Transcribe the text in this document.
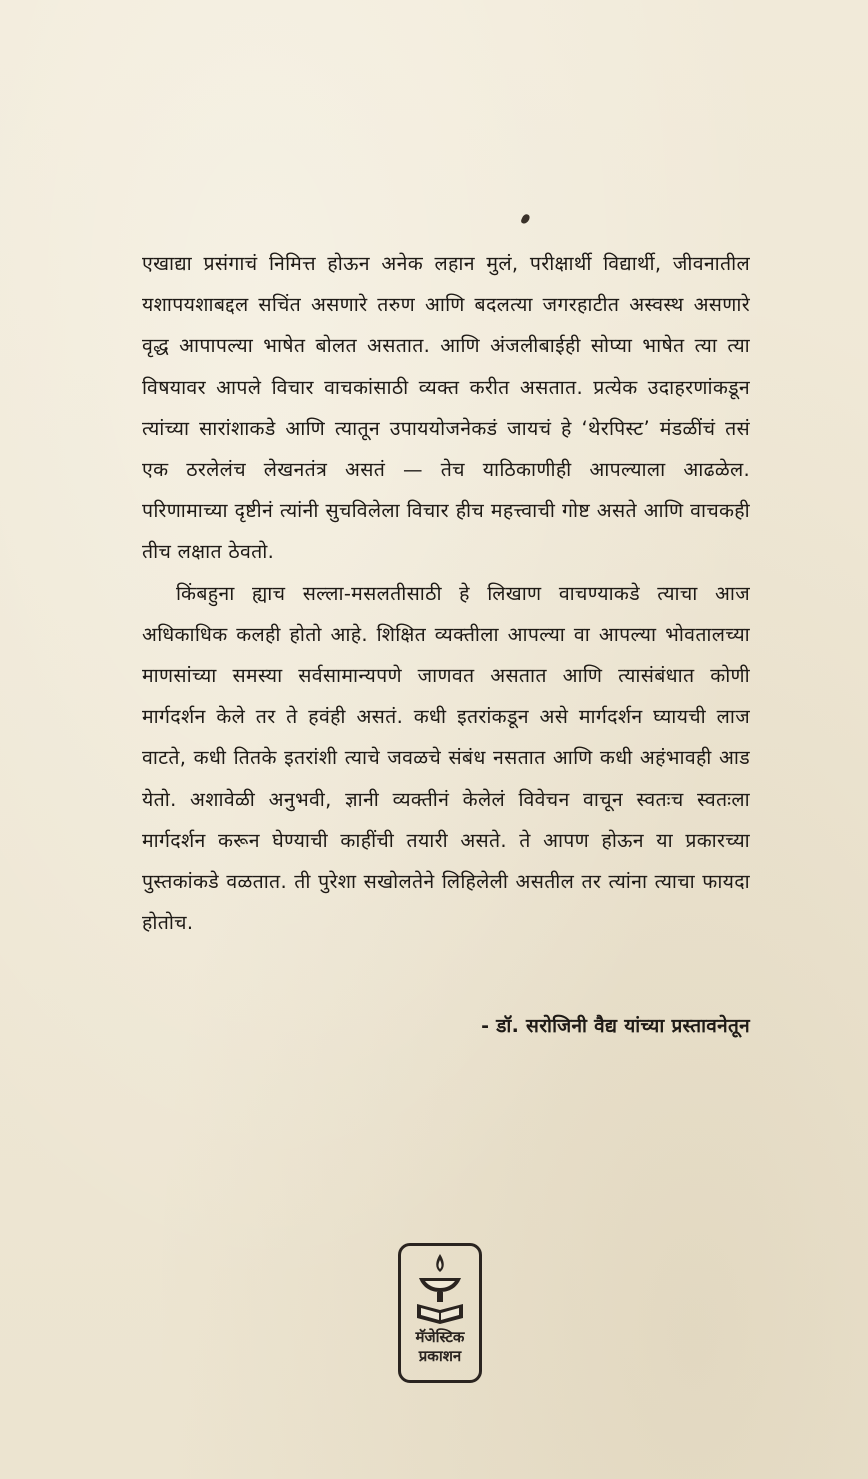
एखाद्या प्रसंगाचं निमित्त होऊन अनेक लहान मुलं, परीक्षार्थी विद्यार्थी, जीवनातील यशापयशाबद्दल सचिंत असणारे तरुण आणि बदलत्या जगरहाटीत अस्वस्थ असणारे वृद्ध आपापल्या भाषेत बोलत असतात. आणि अंजलीबाईही सोप्या भाषेत त्या त्या विषयावर आपले विचार वाचकांसाठी व्यक्त करीत असतात. प्रत्येक उदाहरणांकडून त्यांच्या सारांशाकडे आणि त्यातून उपाययोजनेकडं जायचं हे ‘थेरपिस्ट’ मंडळींचं तसं एक ठरलेलंच लेखनतंत्र असतं — तेच याठिकाणीही आपल्याला आढळेल. परिणामाच्या दृष्टीनं त्यांनी सुचविलेला विचार हीच महत्त्वाची गोष्ट असते आणि वाचकही तीच लक्षात ठेवतो.

किंबहुना ह्याच सल्ला-मसलतीसाठी हे लिखाण वाचण्याकडे त्याचा आज अधिकाधिक कलही होतो आहे. शिक्षित व्यक्तीला आपल्या वा आपल्या भोवतालच्या माणसांच्या समस्या सर्वसामान्यपणे जाणवत असतात आणि त्यासंबंधात कोणी मार्गदर्शन केले तर ते हवंही असतं. कधी इतरांकडून असे मार्गदर्शन घ्यायची लाज वाटते, कधी तितके इतरांशी त्याचे जवळचे संबंध नसतात आणि कधी अहंभावही आड येतो. अशावेळी अनुभवी, ज्ञानी व्यक्तीनं केलेलं विवेचन वाचून स्वतःच स्वतःला मार्गदर्शन करून घेण्याची काहींची तयारी असते. ते आपण होऊन या प्रकारच्या पुस्तकांकडे वळतात. ती पुरेशा सखोलतेने लिहिलेली असतील तर त्यांना त्याचा फायदा होतोच.

- डॉ. सरोजिनी वैद्य यांच्या प्रस्तावनेतून
मॅजेस्टिक
प्रकाशन
